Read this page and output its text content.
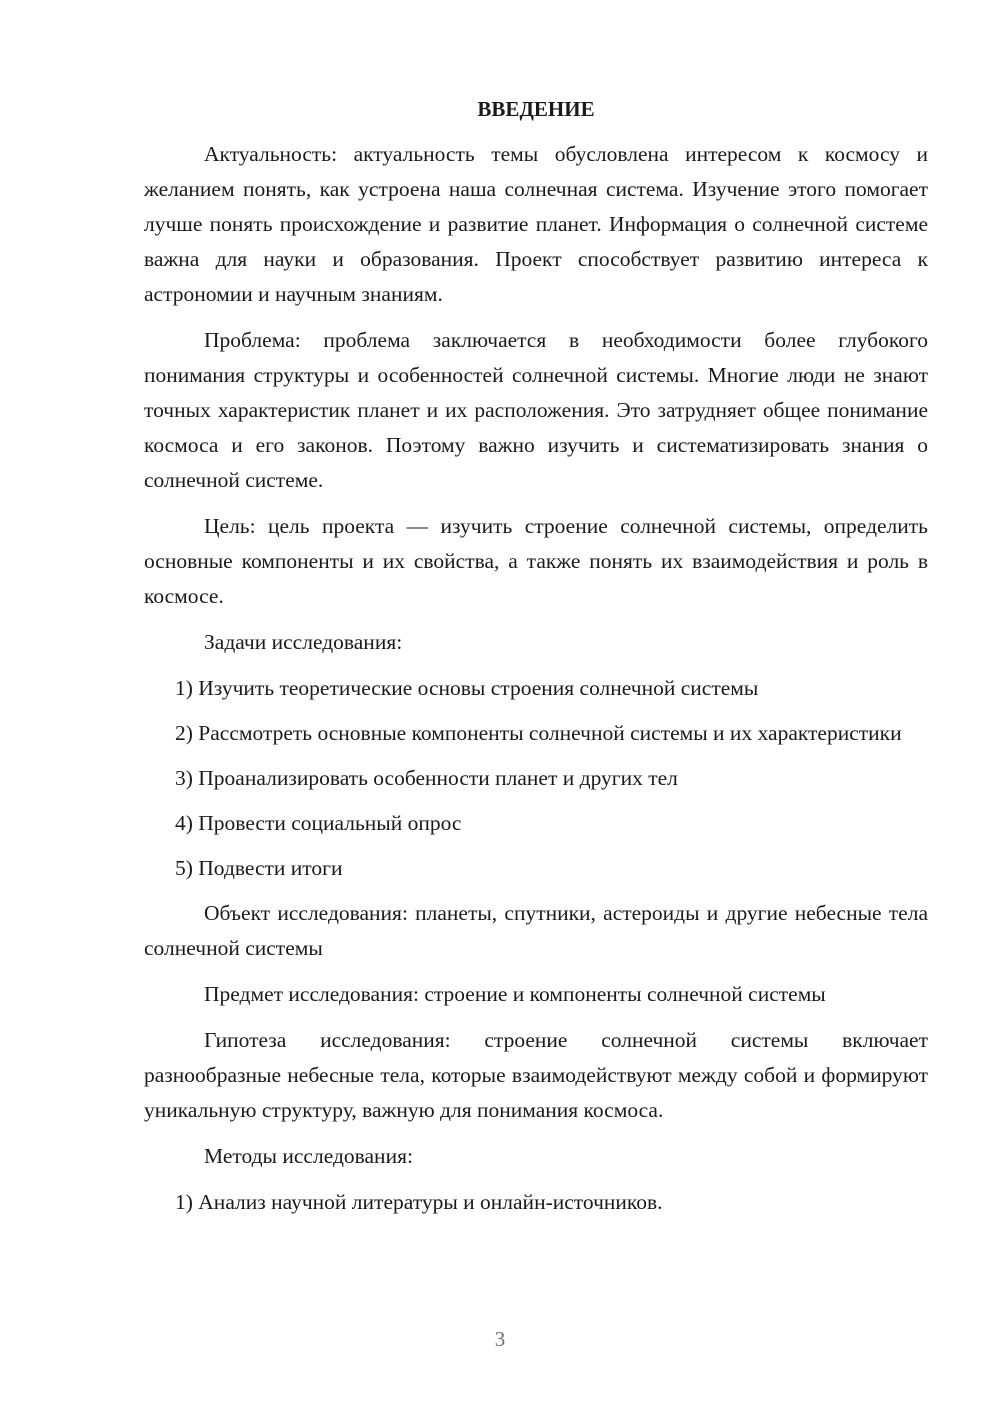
ВВЕДЕНИЕ

Актуальность: актуальность темы обусловлена интересом к космосу и желанием понять, как устроена наша солнечная система. Изучение этого помогает лучше понять происхождение и развитие планет. Информация о солнечной системе важна для науки и образования. Проект способствует развитию интереса к астрономии и научным знаниям.

Проблема: проблема заключается в необходимости более глубокого понимания структуры и особенностей солнечной системы. Многие люди не знают точных характеристик планет и их расположения. Это затрудняет общее понимание космоса и его законов. Поэтому важно изучить и систематизировать знания о солнечной системе.

Цель: цель проекта — изучить строение солнечной системы, определить основные компоненты и их свойства, а также понять их взаимодействия и роль в космосе.

Задачи исследования:

1) Изучить теоретические основы строения солнечной системы

2) Рассмотреть основные компоненты солнечной системы и их характеристики

3) Проанализировать особенности планет и других тел

4) Провести социальный опрос

5) Подвести итоги

Объект исследования: планеты, спутники, астероиды и другие небесные тела солнечной системы

Предмет исследования: строение и компоненты солнечной системы

Гипотеза исследования: строение солнечной системы включает разнообразные небесные тела, которые взаимодействуют между собой и формируют уникальную структуру, важную для понимания космоса.

Методы исследования:

1) Анализ научной литературы и онлайн-источников.

3
